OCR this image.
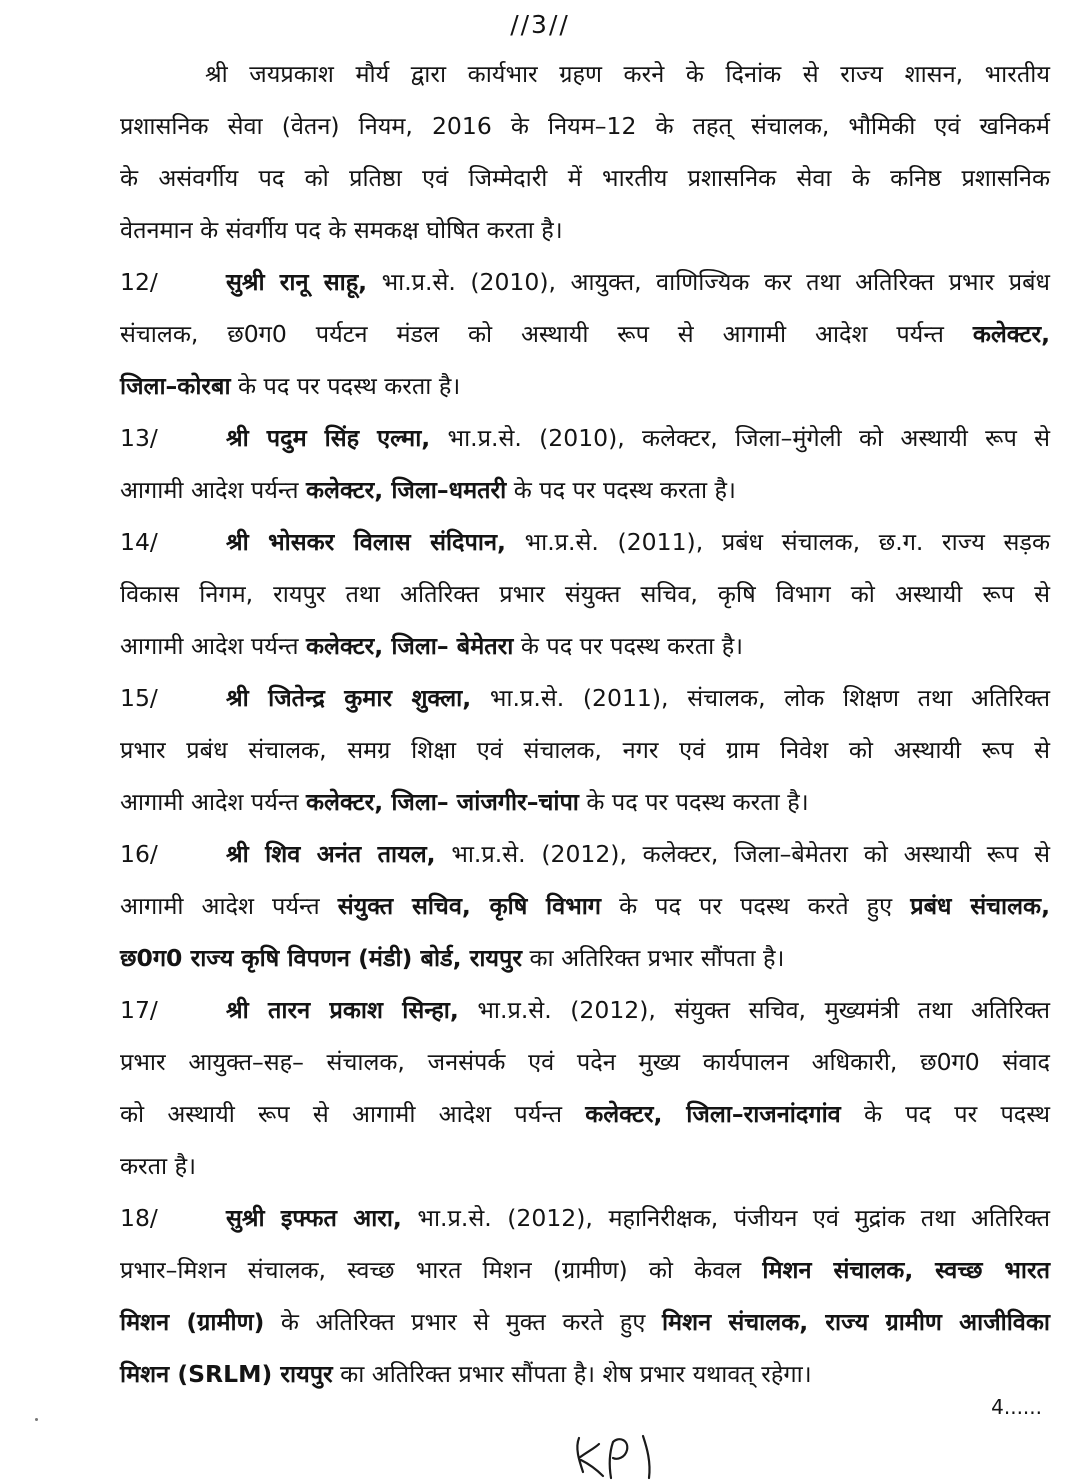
//3//
श्री जयप्रकाश मौर्य द्वारा कार्यभार ग्रहण करने के दिनांक से राज्य शासन, भारतीय
प्रशासनिक सेवा (वेतन) नियम, 2016 के नियम–12 के तहत् संचालक, भौमिकी एवं खनिकर्म
के असंवर्गीय पद को प्रतिष्ठा एवं जिम्मेदारी में भारतीय प्रशासनिक सेवा के कनिष्ठ प्रशासनिक
वेतनमान के संवर्गीय पद के समकक्ष घोषित करता है।
12/	सुश्री रानू साहू, भा.प्र.से. (2010), आयुक्त, वाणिज्यिक कर तथा अतिरिक्त प्रभार प्रबंध
संचालक, छ0ग0 पर्यटन मंडल को अस्थायी रूप से आगामी आदेश पर्यन्त कलेक्टर,
जिला–कोरबा के पद पर पदस्थ करता है।
13/	श्री पदुम सिंह एल्मा, भा.प्र.से. (2010), कलेक्टर, जिला–मुंगेली को अस्थायी रूप से
आगामी आदेश पर्यन्त कलेक्टर, जिला–धमतरी के पद पर पदस्थ करता है।
14/	श्री भोसकर विलास संदिपान, भा.प्र.से. (2011), प्रबंध संचालक, छ.ग. राज्य सड़क
विकास निगम, रायपुर तथा अतिरिक्त प्रभार संयुक्त सचिव, कृषि विभाग को अस्थायी रूप से
आगामी आदेश पर्यन्त कलेक्टर, जिला– बेमेतरा के पद पर पदस्थ करता है।
15/	श्री जितेन्द्र कुमार शुक्ला, भा.प्र.से. (2011), संचालक, लोक शिक्षण तथा अतिरिक्त
प्रभार प्रबंध संचालक, समग्र शिक्षा एवं संचालक, नगर एवं ग्राम निवेश को अस्थायी रूप से
आगामी आदेश पर्यन्त कलेक्टर, जिला– जांजगीर–चांपा के पद पर पदस्थ करता है।
16/	श्री शिव अनंत तायल, भा.प्र.से. (2012), कलेक्टर, जिला–बेमेतरा को अस्थायी रूप से
आगामी आदेश पर्यन्त संयुक्त सचिव, कृषि विभाग के पद पर पदस्थ करते हुए प्रबंध संचालक,
छ0ग0 राज्य कृषि विपणन (मंडी) बोर्ड, रायपुर का अतिरिक्त प्रभार सौंपता है।
17/	श्री तारन प्रकाश सिन्हा, भा.प्र.से. (2012), संयुक्त सचिव, मुख्यमंत्री तथा अतिरिक्त
प्रभार आयुक्त–सह– संचालक, जनसंपर्क एवं पदेन मुख्य कार्यपालन अधिकारी, छ0ग0 संवाद
को अस्थायी रूप से आगामी आदेश पर्यन्त कलेक्टर, जिला–राजनांदगांव के पद पर पदस्थ
करता है।
18/	सुश्री इफ्फत आरा, भा.प्र.से. (2012), महानिरीक्षक, पंजीयन एवं मुद्रांक तथा अतिरिक्त
प्रभार–मिशन संचालक, स्वच्छ भारत मिशन (ग्रामीण) को केवल मिशन संचालक, स्वच्छ भारत
मिशन (ग्रामीण) के अतिरिक्त प्रभार से मुक्त करते हुए मिशन संचालक, राज्य ग्रामीण आजीविका
मिशन (SRLM) रायपुर का अतिरिक्त प्रभार सौंपता है। शेष प्रभार यथावत् रहेगा।
4......
